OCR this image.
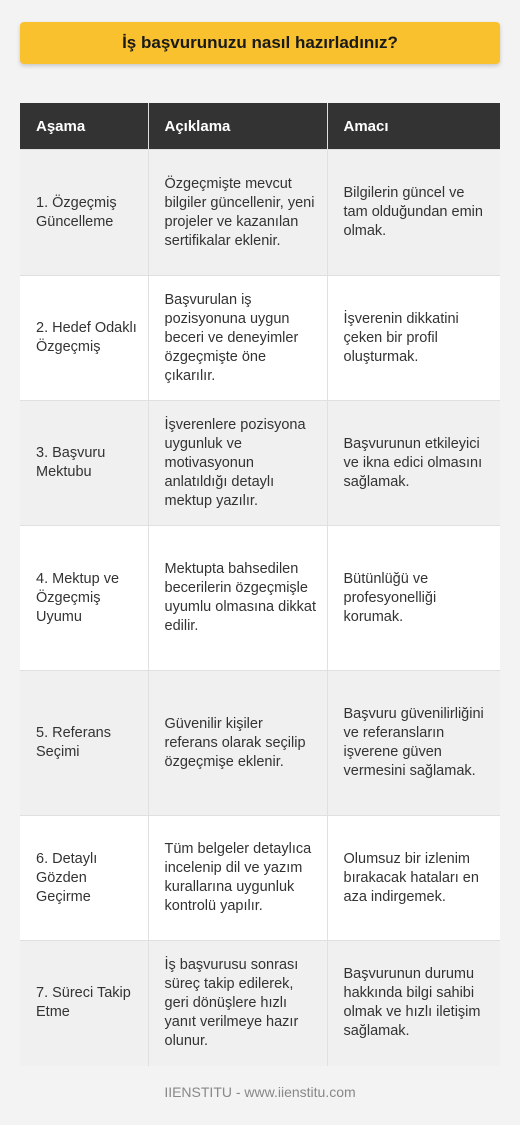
İş başvurunuzu nasıl hazırladınız?
Aşama	Açıklama	Amacı
1. Özgeçmiş Güncelleme	Özgeçmişte mevcut bilgiler güncellenir, yeni projeler ve kazanılan sertifikalar eklenir.	Bilgilerin güncel ve tam olduğundan emin olmak.
2. Hedef Odaklı Özgeçmiş	Başvurulan iş pozisyonuna uygun beceri ve deneyimler özgeçmişte öne çıkarılır.	İşverenin dikkatini çeken bir profil oluşturmak.
3. Başvuru Mektubu	İşverenlere pozisyona uygunluk ve motivasyonun anlatıldığı detaylı mektup yazılır.	Başvurunun etkileyici ve ikna edici olmasını sağlamak.
4. Mektup ve Özgeçmiş Uyumu	Mektupta bahsedilen becerilerin özgeçmişle uyumlu olmasına dikkat edilir.	Bütünlüğü ve profesyonelliği korumak.
5. Referans Seçimi	Güvenilir kişiler referans olarak seçilip özgeçmişe eklenir.	Başvuru güvenilirliğini ve referansların işverene güven vermesini sağlamak.
6. Detaylı Gözden Geçirme	Tüm belgeler detaylıca incelenip dil ve yazım kurallarına uygunluk kontrolü yapılır.	Olumsuz bir izlenim bırakacak hataları en aza indirgemek.
7. Süreci Takip Etme	İş başvurusu sonrası süreç takip edilerek, geri dönüşlere hızlı yanıt verilmeye hazır olunur.	Başvurunun durumu hakkında bilgi sahibi olmak ve hızlı iletişim sağlamak.
IIENSTITU - www.iienstitu.com
